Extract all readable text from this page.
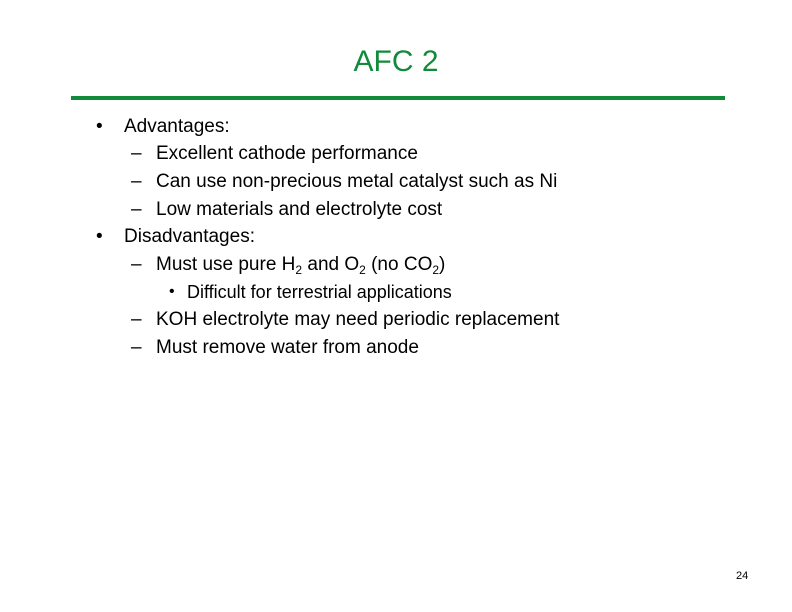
AFC 2
• Advantages:
– Excellent cathode performance
– Can use non-precious metal catalyst such as Ni
– Low materials and electrolyte cost
• Disadvantages:
– Must use pure $H_2$ and $O_2$ (no $CO_2$)
• Difficult for terrestrial applications
– KOH electrolyte may need periodic replacement
– Must remove water from anode
24
